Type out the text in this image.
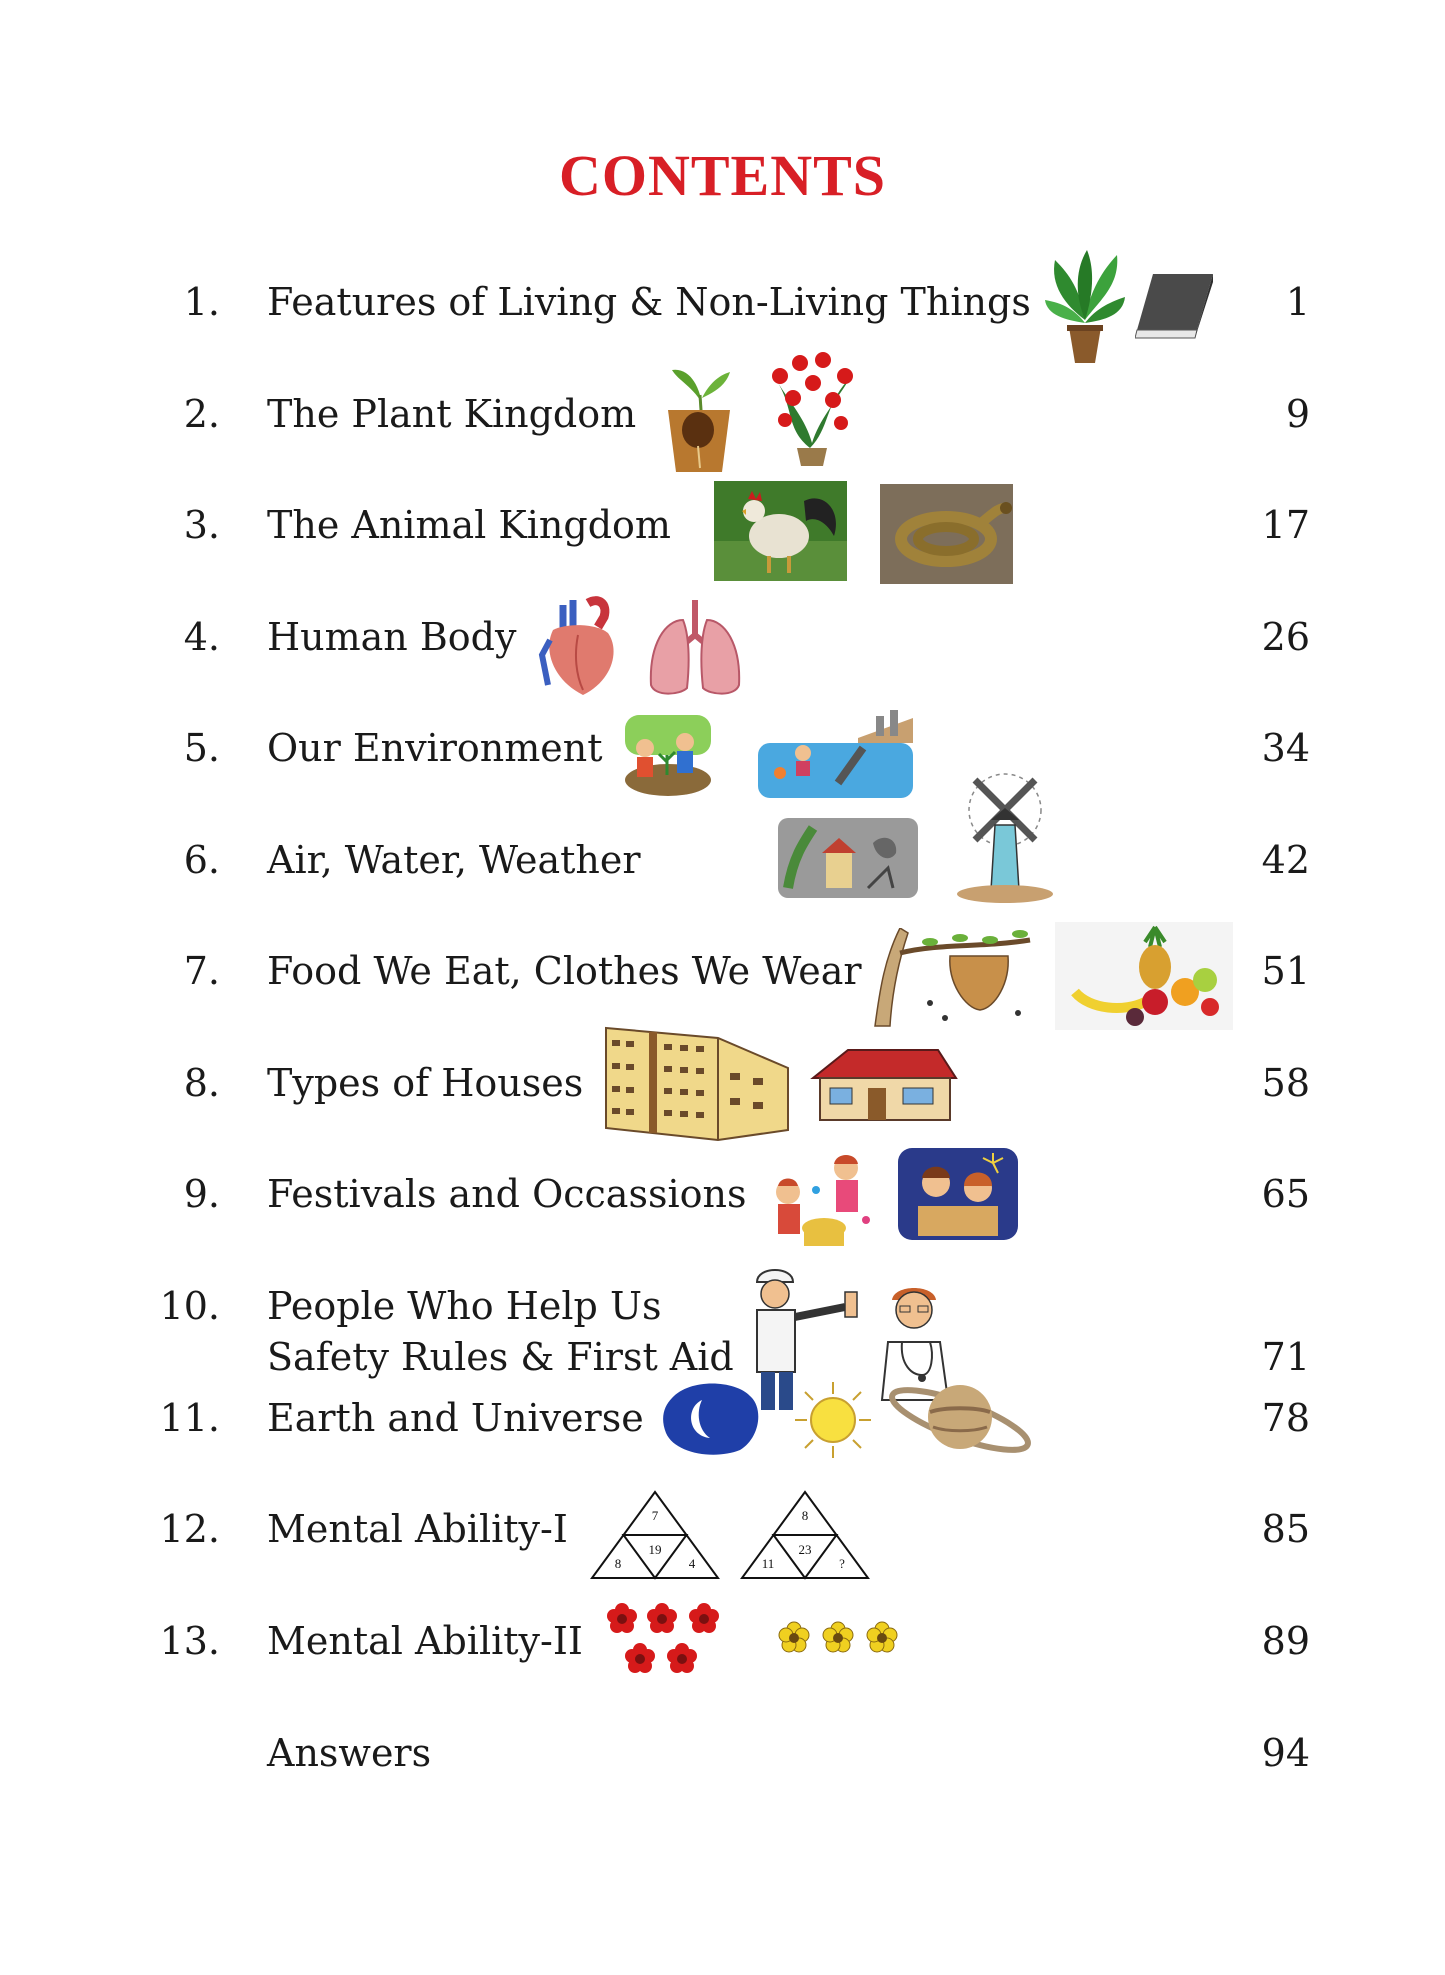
CONTENTS
1. Features of Living & Non-Living Things	1
2. The Plant Kingdom	9
3. The Animal Kingdom	17
4. Human Body	26
5. Our Environment	34
6. Air, Water, Weather	42
7. Food We Eat, Clothes We Wear	51
8. Types of Houses	58
9. Festivals and Occassions	65
10. People Who Help Us
Safety Rules & First Aid	71
11. Earth and Universe	78
12. Mental Ability-I	85
7
19
8	4
8
23
11	?
13. Mental Ability-II	89
Answers	94
